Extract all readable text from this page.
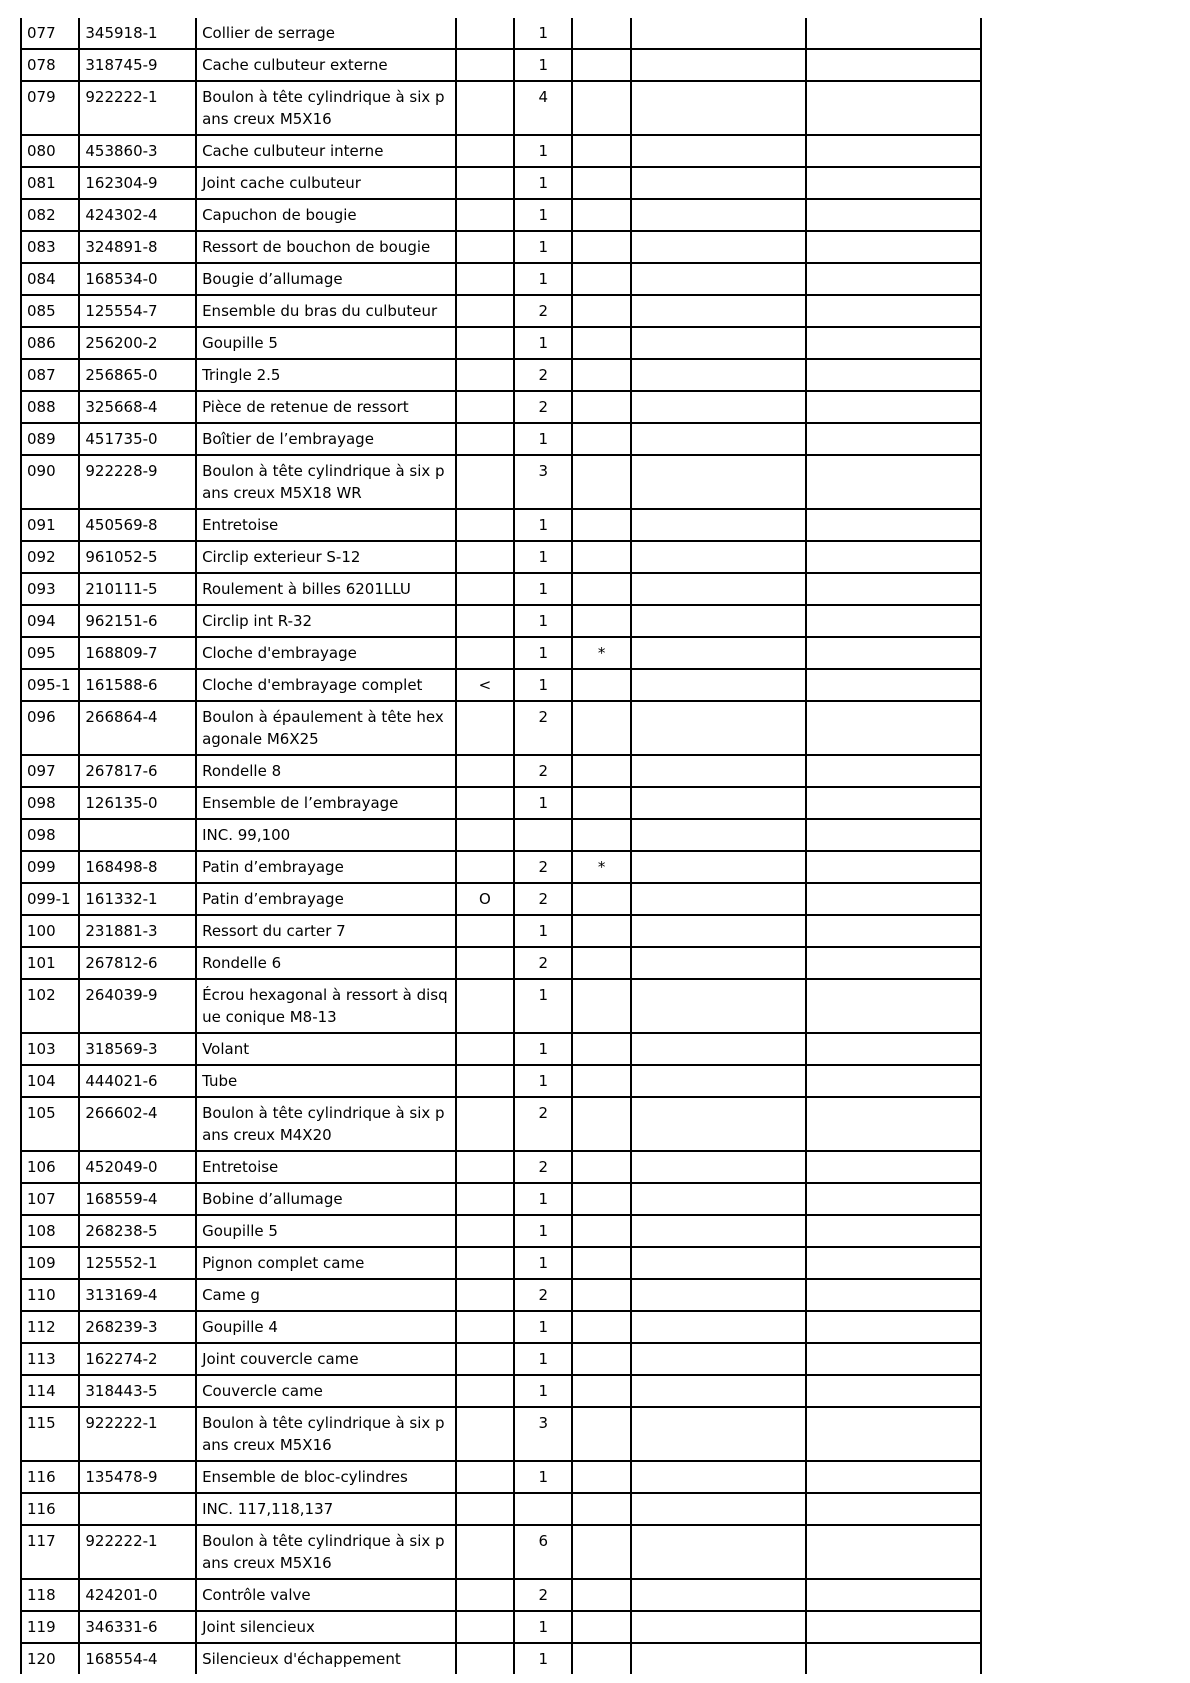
077	345918-1	Collier de serrage		1			
078	318745-9	Cache culbuteur externe		1			
079	922222-1	Boulon à tête cylindrique à six pans creux M5X16		4			
080	453860-3	Cache culbuteur interne		1			
081	162304-9	Joint cache culbuteur		1			
082	424302-4	Capuchon de bougie		1			
083	324891-8	Ressort de bouchon de bougie		1			
084	168534-0	Bougie d’allumage		1			
085	125554-7	Ensemble du bras du culbuteur		2			
086	256200-2	Goupille 5		1			
087	256865-0	Tringle 2.5		2			
088	325668-4	Pièce de retenue de ressort		2			
089	451735-0	Boîtier de l’embrayage		1			
090	922228-9	Boulon à tête cylindrique à six pans creux M5X18 WR		3			
091	450569-8	Entretoise		1			
092	961052-5	Circlip exterieur S-12		1			
093	210111-5	Roulement à billes 6201LLU		1			
094	962151-6	Circlip int R-32		1			
095	168809-7	Cloche d'embrayage		1	*		
095-1	161588-6	Cloche d'embrayage complet	<	1			
096	266864-4	Boulon à épaulement à tête hexagonale M6X25		2			
097	267817-6	Rondelle 8		2			
098	126135-0	Ensemble de l’embrayage		1			
098		INC. 99,100					
099	168498-8	Patin d’embrayage		2	*		
099-1	161332-1	Patin d’embrayage	O	2			
100	231881-3	Ressort du carter 7		1			
101	267812-6	Rondelle 6		2			
102	264039-9	Écrou hexagonal à ressort à disque conique M8-13		1			
103	318569-3	Volant		1			
104	444021-6	Tube		1			
105	266602-4	Boulon à tête cylindrique à six pans creux M4X20		2			
106	452049-0	Entretoise		2			
107	168559-4	Bobine d’allumage		1			
108	268238-5	Goupille 5		1			
109	125552-1	Pignon complet came		1			
110	313169-4	Came g		2			
112	268239-3	Goupille 4		1			
113	162274-2	Joint couvercle came		1			
114	318443-5	Couvercle came		1			
115	922222-1	Boulon à tête cylindrique à six pans creux M5X16		3			
116	135478-9	Ensemble de bloc-cylindres		1			
116		INC. 117,118,137					
117	922222-1	Boulon à tête cylindrique à six pans creux M5X16		6			
118	424201-0	Contrôle valve		2			
119	346331-6	Joint silencieux		1			
120	168554-4	Silencieux d'échappement		1			
